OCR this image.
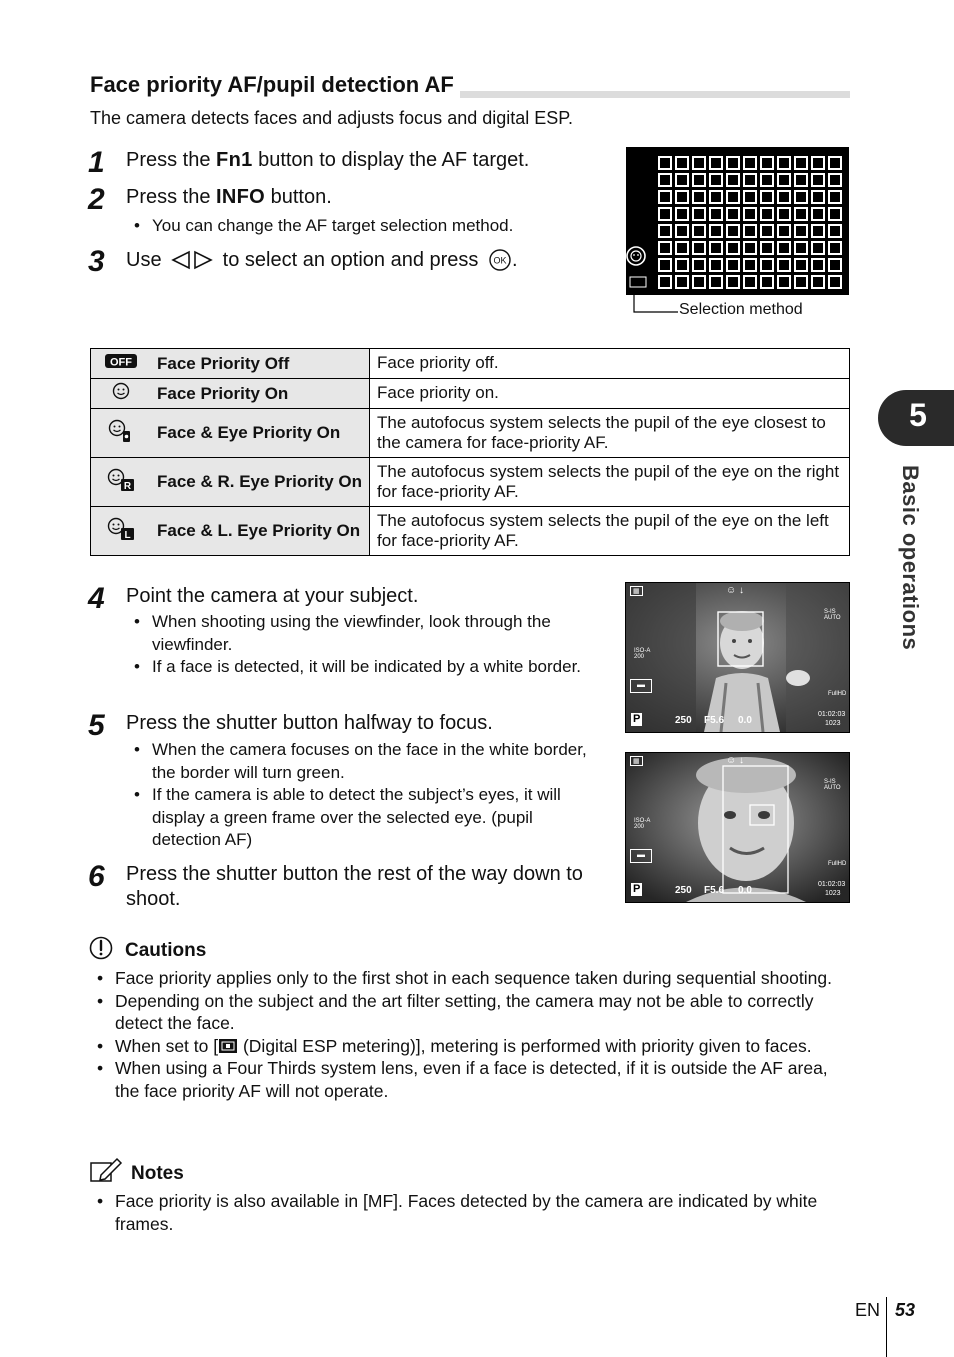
Face priority AF/pupil detection AF
The camera detects faces and adjusts focus and digital ESP.
1 Press the Fn1 button to display the AF target.
2 Press the INFO button.
• You can change the AF target selection method.
3 Use	to select an option and press OK .
Selection method
OFF	Face Priority Off	Face priority off.
	Face Priority On	Face priority on.
	Face & Eye Priority On	The autofocus system selects the pupil of the eye closest to the camera for face-priority AF.

R	Face & R. Eye Priority On	The autofocus system selects the pupil of the eye on the right for face-priority AF.

L	Face & L. Eye Priority On	The autofocus system selects the pupil of the eye on the left for face-priority AF.
4 Point the camera at your subject.
• When shooting using the viewfinder, look through the viewfinder.
• If a face is detected, it will be indicated by a white border.
5 Press the shutter button halfway to focus.
• When the camera focuses on the face in the white border, the border will turn green.
• If the camera is able to detect the subject’s eyes, it will display a green frame over the selected eye. (pupil detection AF)
6 Press the shutter button the rest of the way down to shoot.
▦	☺ ↓
S-IS AUTO
ISO-A
200
▬
FullHD
P	250 F5.6 0.0
01:02:03
1023
▦	☺ ↓
S-IS AUTO
ISO-A
200
▬
FullHD
P	250 F5.6 0.0
01:02:03
1023
Cautions
• Face priority applies only to the first shot in each sequence taken during sequential shooting.
• Depending on the subject and the art filter setting, the camera may not be able to correctly detect the face.
• When set to [ (Digital ESP metering)], metering is performed with priority given to faces.
• When using a Four Thirds system lens, even if a face is detected, if it is outside the AF area, the face priority AF will not operate.
Notes
• Face priority is also available in [MF]. Faces detected by the camera are indicated by white frames.
5
Basic operations
EN 53
